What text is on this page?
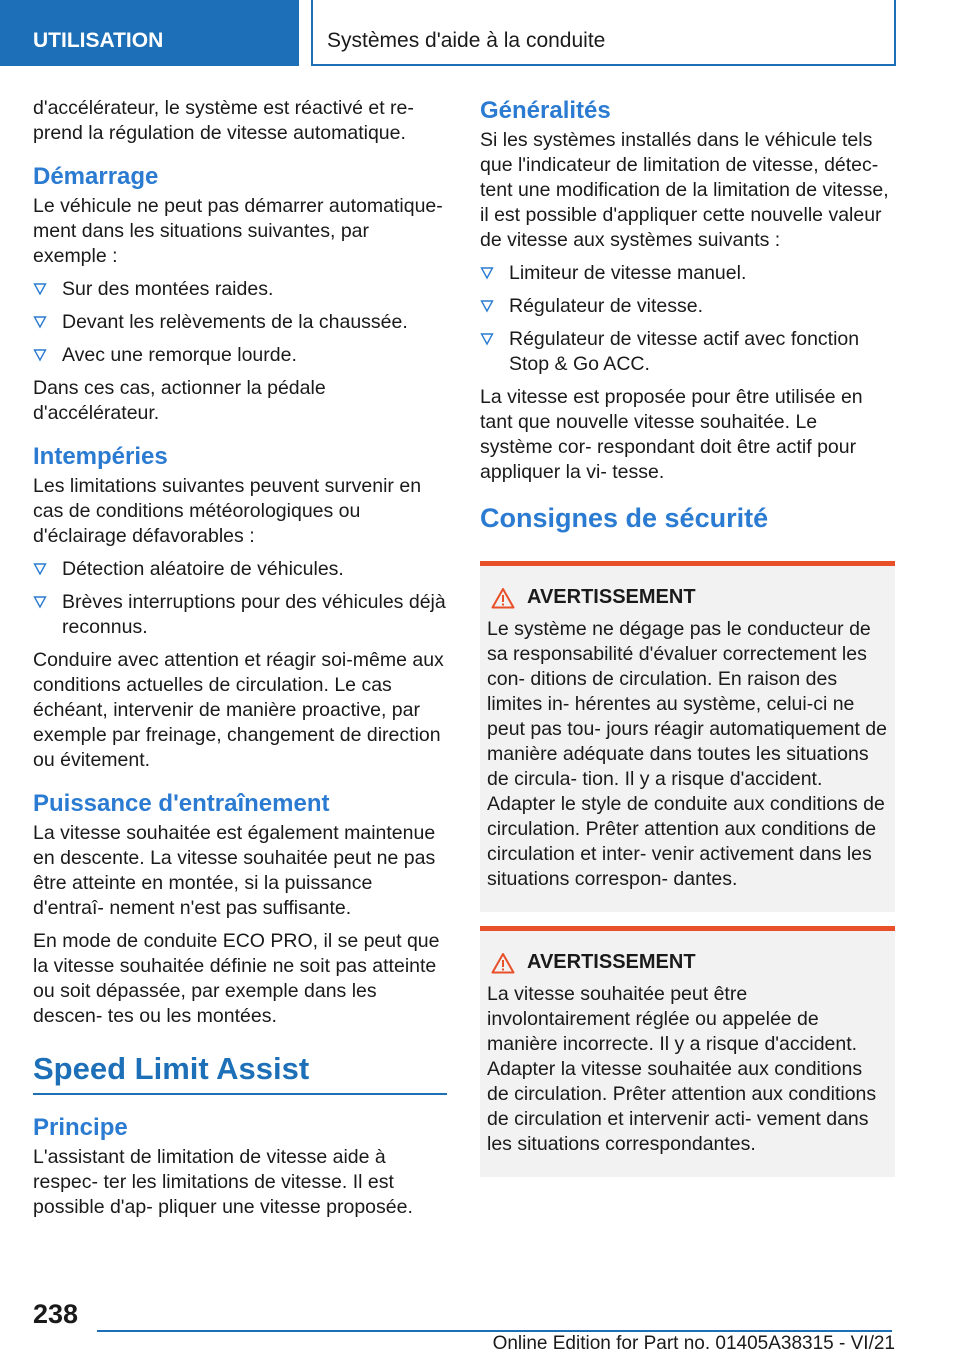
UTILISATION	Systèmes d'aide à la conduite

d'accélérateur, le système est réactivé et re‐ prend la régulation de vitesse automatique.

Démarrage

Le véhicule ne peut pas démarrer automatique‐ ment dans les situations suivantes, par exemple :

Sur des montées raides.
Devant les relèvements de la chaussée.
Avec une remorque lourde.

Dans ces cas, actionner la pédale d'accélérateur.

Intempéries

Les limitations suivantes peuvent survenir en cas de conditions météorologiques ou d'éclairage défavorables :

Détection aléatoire de véhicules.
Brèves interruptions pour des véhicules déjà reconnus.

Conduire avec attention et réagir soi-même aux conditions actuelles de circulation. Le cas échéant, intervenir de manière proactive, par exemple par freinage, changement de direction ou évitement.

Puissance d'entraînement

La vitesse souhaitée est également maintenue en descente. La vitesse souhaitée peut ne pas être atteinte en montée, si la puissance d'entraî‐ nement n'est pas suffisante.

En mode de conduite ECO PRO, il se peut que la vitesse souhaitée définie ne soit pas atteinte ou soit dépassée, par exemple dans les descen‐ tes ou les montées.

Speed Limit Assist
Principe

L'assistant de limitation de vitesse aide à respec‐ ter les limitations de vitesse. Il est possible d'ap‐ pliquer une vitesse proposée.

Généralités

Si les systèmes installés dans le véhicule tels que l'indicateur de limitation de vitesse, détec‐ tent une modification de la limitation de vitesse, il est possible d'appliquer cette nouvelle valeur de vitesse aux systèmes suivants :

Limiteur de vitesse manuel.
Régulateur de vitesse.
Régulateur de vitesse actif avec fonction Stop & Go ACC.

La vitesse est proposée pour être utilisée en tant que nouvelle vitesse souhaitée. Le système cor‐ respondant doit être actif pour appliquer la vi‐ tesse.

Consignes de sécurité
AVERTISSEMENT

Le système ne dégage pas le conducteur de sa responsabilité d'évaluer correctement les con‐ ditions de circulation. En raison des limites in‐ hérentes au système, celui-ci ne peut pas tou‐ jours réagir automatiquement de manière adéquate dans toutes les situations de circula‐ tion. Il y a risque d'accident. Adapter le style de conduite aux conditions de circulation. Prêter attention aux conditions de circulation et inter‐ venir activement dans les situations correspon‐ dantes.

AVERTISSEMENT

La vitesse souhaitée peut être involontairement réglée ou appelée de manière incorrecte. Il y a risque d'accident. Adapter la vitesse souhaitée aux conditions de circulation. Prêter attention aux conditions de circulation et intervenir acti‐ vement dans les situations correspondantes.

238
Online Edition for Part no. 01405A38315 - VI/21
